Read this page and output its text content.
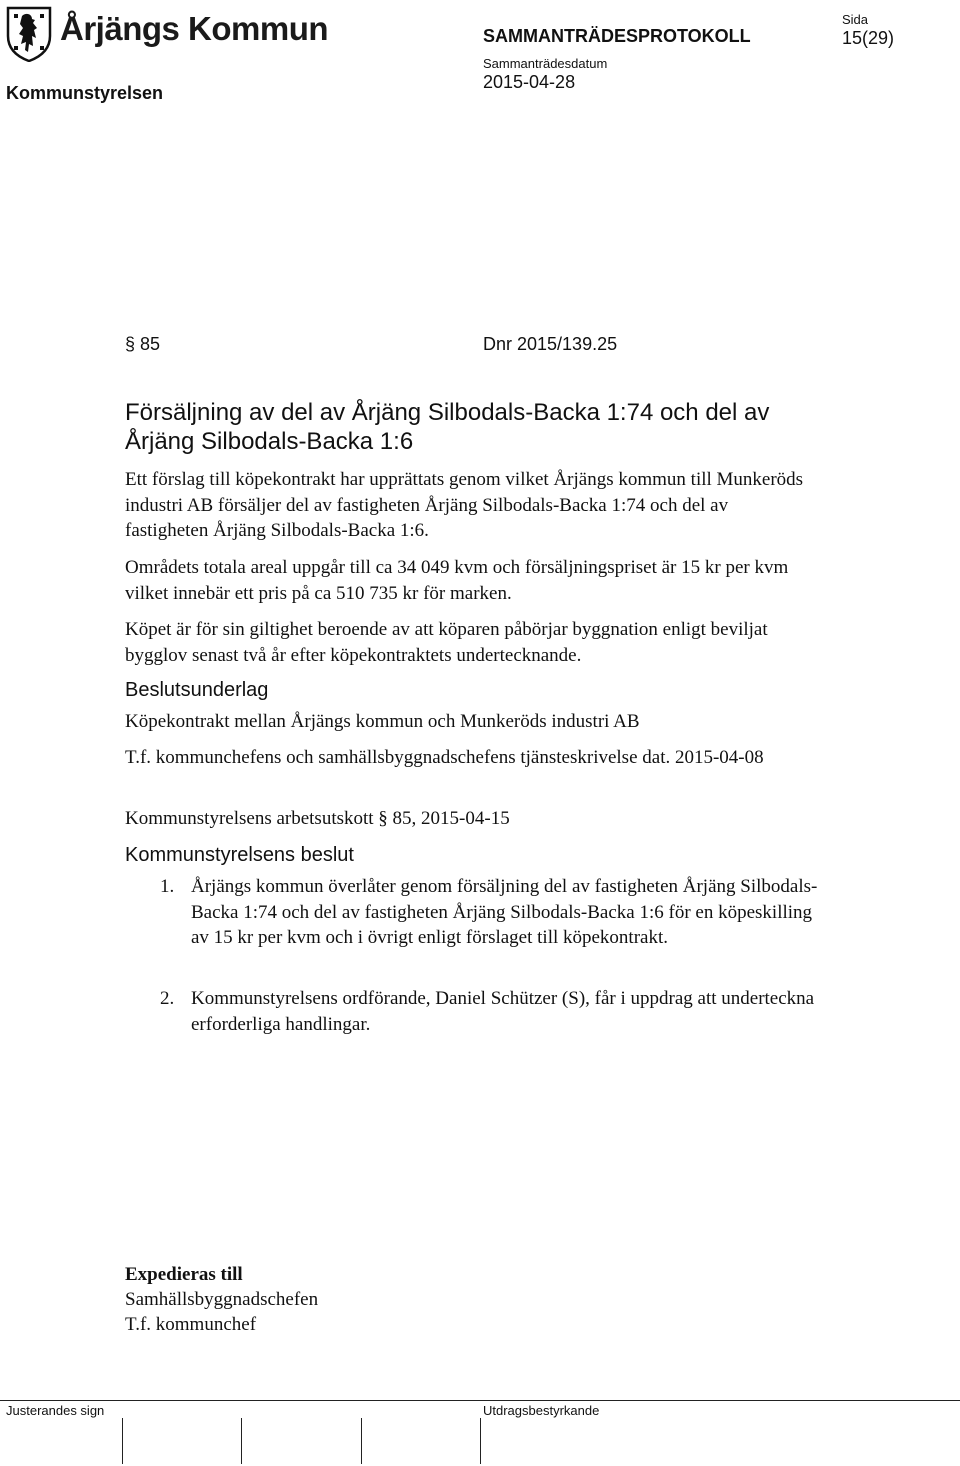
Årjängs Kommun	SAMMANTRÄDESPROTOKOLL
Sida
15(29)
Kommunstyrelsen
Sammanträdesdatum
2015-04-28
§ 85	Dnr 2015/139.25
Försäljning av del av Årjäng Silbodals-Backa 1:74 och del av Årjäng Silbodals-Backa 1:6
Ett förslag till köpekontrakt har upprättats genom vilket Årjängs kommun till Munkeröds industri AB försäljer del av fastigheten Årjäng Silbodals-Backa 1:74 och del av fastigheten Årjäng Silbodals-Backa 1:6.
Områdets totala areal uppgår till ca 34 049 kvm och försäljningspriset är 15 kr per kvm vilket innebär ett pris på ca 510 735 kr för marken.
Köpet är för sin giltighet beroende av att köparen påbörjar byggnation enligt beviljat bygglov senast två år efter köpekontraktets undertecknande.
Beslutsunderlag
Köpekontrakt mellan Årjängs kommun och Munkeröds industri AB
T.f. kommunchefens och samhällsbyggnadschefens tjänsteskrivelse dat. 2015-04-08
Kommunstyrelsens arbetsutskott § 85, 2015-04-15
Kommunstyrelsens beslut
1. Årjängs kommun överlåter genom försäljning del av fastigheten Årjäng Silbodals-Backa 1:74 och del av fastigheten Årjäng Silbodals-Backa 1:6 för en köpeskilling av 15 kr per kvm och i övrigt enligt förslaget till köpekontrakt.
2. Kommunstyrelsens ordförande, Daniel Schützer (S), får i uppdrag att underteckna erforderliga handlingar.
Expedieras till
Samhällsbyggnadschefen
T.f. kommunchef
Justerandes sign	Utdragsbestyrkande
